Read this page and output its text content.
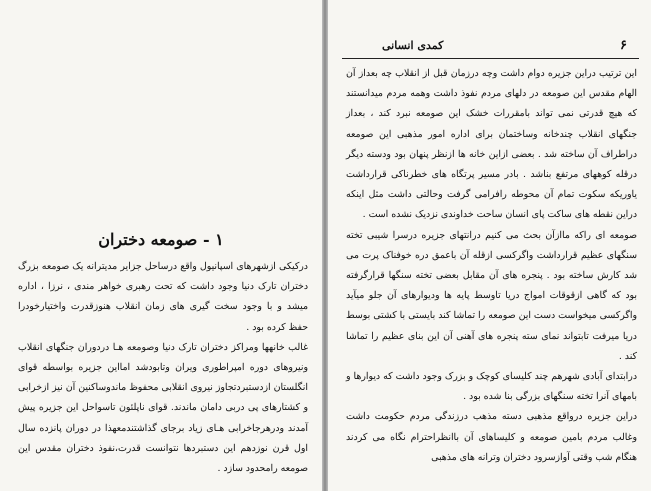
۶
کمدی انسانی

این ترتیب دراین جزیره دوام داشت وچه درزمان قبل از انقلاب چه بعداز آن الهام مقدس این صومعه در دلهای مردم نفوذ داشت وهمه مردم میدانستند که هیچ قدرتی نمی تواند بامقررات خشک این صومعه نبرد کند ، بعداز جنگهای انقلاب چندخانه وساختمان برای اداره امور مذهبی این صومعه دراطراف آن ساخته شد . بعضی ازاین خانه ها ازنظر پنهان بود ودسته دیگر درقله کوههای مرتفع بناشد . بادر مسیر پرتگاه های خطرناکی قرارداشت یاوریکه سکوت تمام آن محوطه رافرامی گرفت وحالتی داشت مثل اینکه دراین نقطه های ساکت پای انسان ساحت خداوندی نزدیک نشده است .

صومعه ای راکه ماازآن بحث می کنیم درانتهای جزیره درسرا شیبی تخته سنگهای عظیم قرارداشت واگرکسی ازقله آن باعمق دره خوفناک پرت می شد کارش ساخته بود . پنجره های آن مقابل بعضی تخته سنگها قرارگرفته بود که گاهی ازقوقات امواج دریا تاوسط پایه ها ودیوارهای آن جلو میآید واگرکسی میخواست دست این صومعه را تماشا کند بایستی با کشتی بوسط دریا میرفت تابتواند نمای سته پنجره های آهنی آن این بنای عظیم را تماشا کند .

درابتدای آبادی شهرهم چند کلیسای کوچک و بزرک وجود داشت که دیوارها و بامهای آنرا تخته سنگهای بزرگی بنا شده بود .

دراین جزیره درواقع مذهبی دسته مذهب درزندگی مردم حکومت داشت وغالب مردم بامین صومعه و کلیساهای آن باانظراحترام نگاه می کردند هنگام شب وقتی آوازسرود دختران وترانه های مذهبی

۱ - صومعه دختران

درکیکی ازشهرهای اسپانیول واقع درساحل جزایر مدیترانه یک صومعه بزرگ دختران تارک دنیا وجود داشت که تحت رهبری خواهر مندی ، نرزا ، اداره میشد و با وجود سخت گیری های زمان انقلاب هنوزقدرت واختیارخودرا حفظ کرده بود .

غالب خانهها ومراکز دختران تارک دنیا وصومعه هـا دردوران جنگهای انقلاب ونیروهای دوره امپراطوری ویران وتابودشد امااین جزیره بواسطه قوای انگلستان ازدستبردتجاوز نیروی انقلابی محفوظ ماندوساکنین آن نیز ازخرابی و کشتارهای پی دربی دامان ماندند. قوای ناپلئون تاسواحل این جزیره پیش آمدند ودرهرجاخرابی هـای زیاد برجای گذاشتندمعهذا در دوران پانزده سال اول قرن نوزدهم این دستبردها نتوانست قدرت،نفوذ دختران مقدس این صومعه رامحدود سازد .
